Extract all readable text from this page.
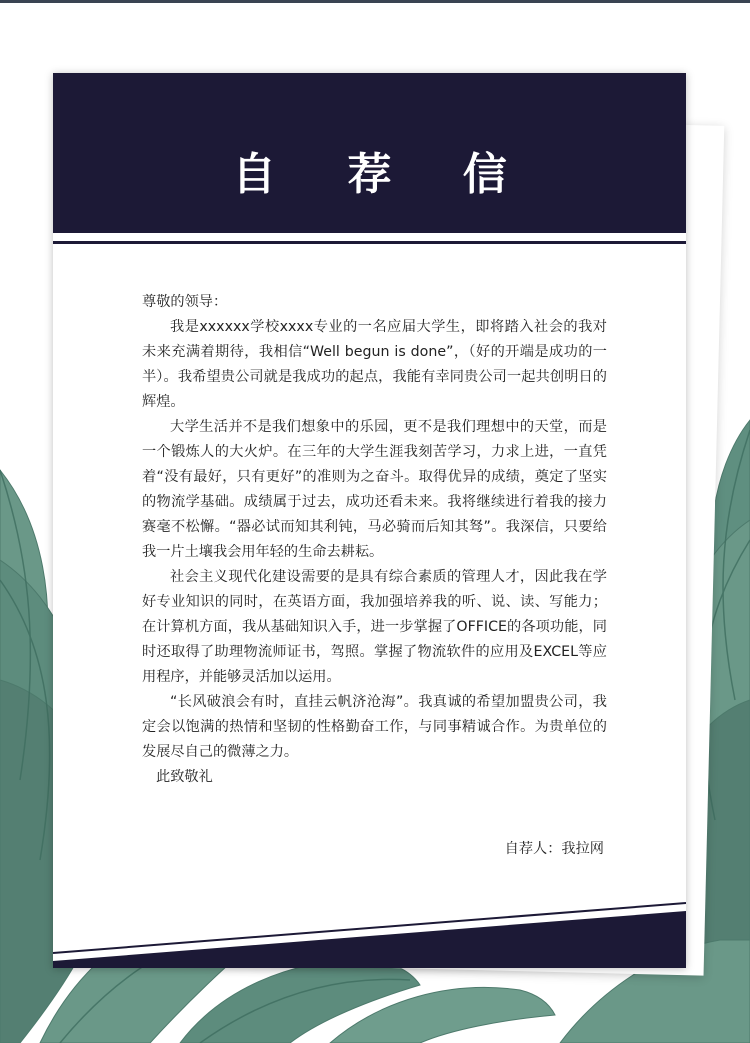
自 荐 信

尊敬的领导：

我是xxxxxx学校xxxx专业的一名应届大学生，即将踏入社会的我对未来充满着期待，我相信“Well begun is done”，（好的开端是成功的一半）。我希望贵公司就是我成功的起点，我能有幸同贵公司一起共创明日的辉煌。

大学生活并不是我们想象中的乐园，更不是我们理想中的天堂，而是一个锻炼人的大火炉。在三年的大学生涯我刻苦学习，力求上进，一直凭着“没有最好，只有更好”的准则为之奋斗。取得优异的成绩，奠定了坚实的物流学基础。成绩属于过去，成功还看未来。我将继续进行着我的接力赛毫不松懈。“器必试而知其利钝，马必骑而后知其驽”。我深信，只要给我一片土壤我会用年轻的生命去耕耘。

社会主义现代化建设需要的是具有综合素质的管理人才，因此我在学好专业知识的同时，在英语方面，我加强培养我的听、说、读、写能力；在计算机方面，我从基础知识入手，进一步掌握了OFFICE的各项功能，同时还取得了助理物流师证书，驾照。掌握了物流软件的应用及EXCEL等应用程序，并能够灵活加以运用。

“长风破浪会有时，直挂云帆济沧海”。我真诚的希望加盟贵公司，我定会以饱满的热情和坚韧的性格勤奋工作，与同事精诚合作。为贵单位的发展尽自己的微薄之力。

此致敬礼

自荐人：我拉网
